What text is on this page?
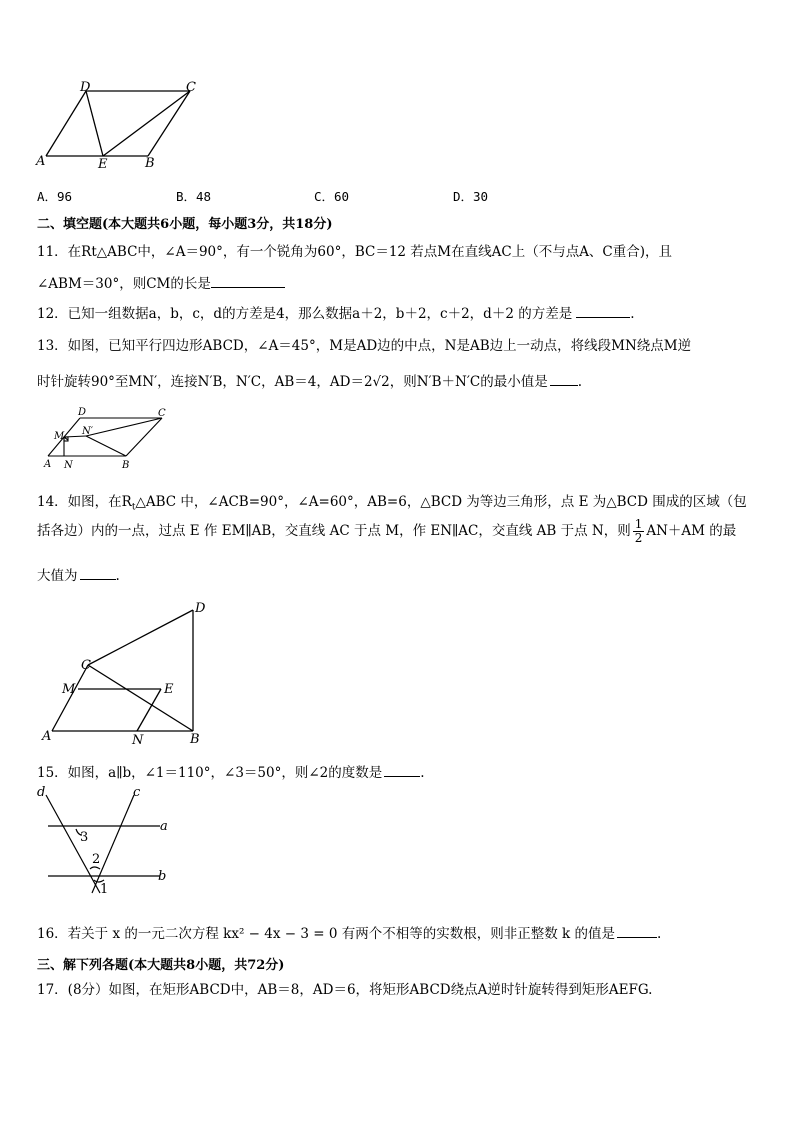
D	C
A	E	B
A．96	B．48	C．60	D．30
二、填空题(本大题共6小题，每小题3分，共18分)
11．在Rt△ABC中，∠A＝90°，有一个锐角为60°，BC＝12 若点M在直线AC上（不与点A、C重合)，且
∠ABM＝30°，则CM的长是
12．已知一组数据a，b，c，d的方差是4，那么数据a＋2，b＋2，c＋2，d＋2 的方差是	.
13．如图，已知平行四边形ABCD，∠A＝45°，M是AD边的中点，N是AB边上一动点，将线段MN绕点M逆
时针旋转90°至MN′，连接N′B，N′C，AB＝4，AD＝2√2，则N′B＋N′C的最小值是 .
D	C
M N′
A N	B
14．如图，在$R_t\triangle ABC$ 中，∠ACB=90°，∠A=60°，AB=6，△BCD 为等边三角形，点 E 为△BCD 围成的区域（包
括各边）内的一点，过点 E 作 EM∥AB，交直线 AC 于点 M，作 EN∥AC，交直线 AB 于点 N，则 $\frac{1}{2} AN+AM$ 的最
大值为	.
D
C
M	E
A	N	B
15．如图，a∥b，∠1＝110°，∠3＝50°，则∠2的度数是	.
d	c
a
b
3
2
1
16．若关于 x 的一元二次方程 kx² − 4x − 3 = 0 有两个不相等的实数根，则非正整数 k 的值是	.
三、解下列各题(本大题共8小题，共72分)
17．(8分）如图，在矩形ABCD中，AB＝8，AD＝6，将矩形ABCD绕点A逆时针旋转得到矩形AEFG.
